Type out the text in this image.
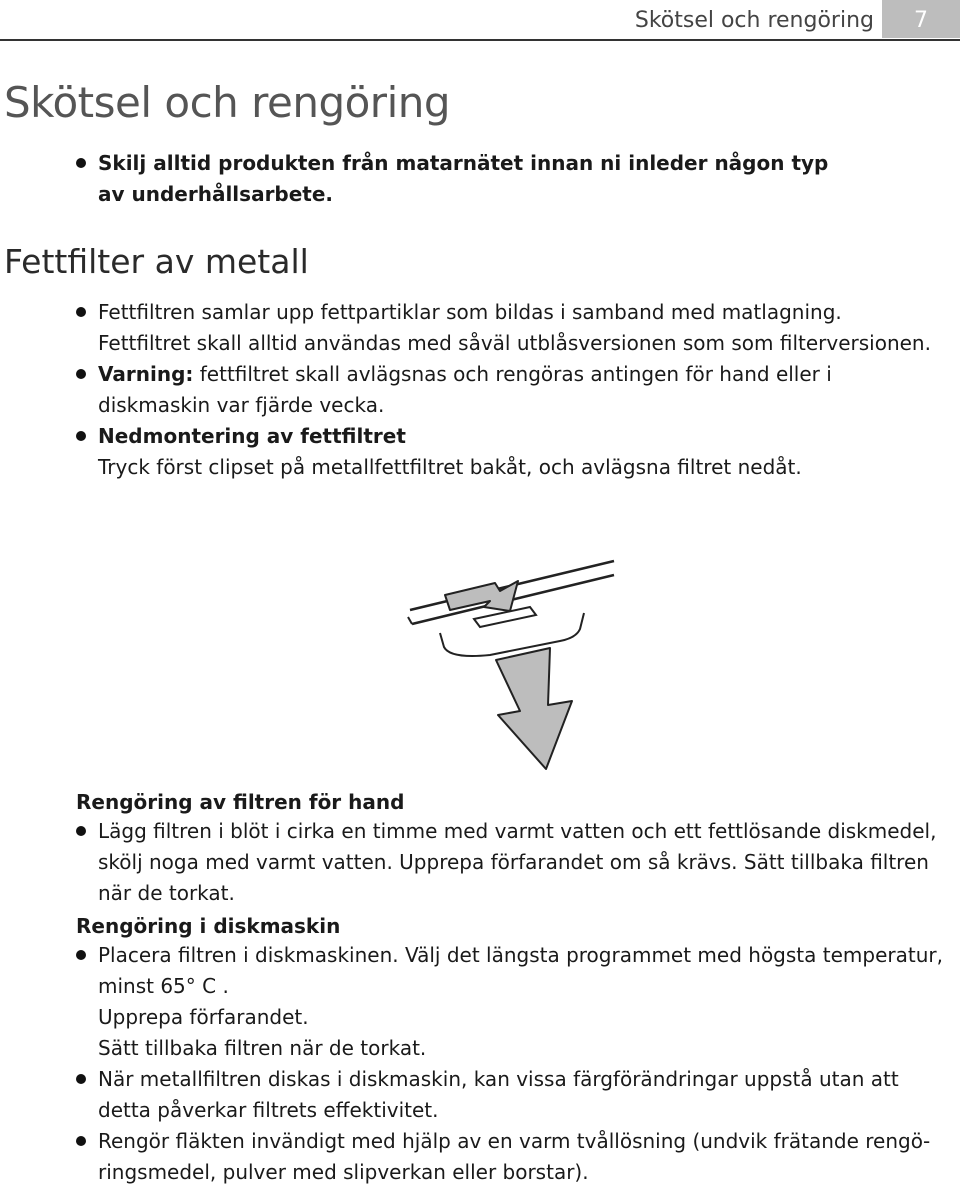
Skötsel och rengöring	7
Skötsel och rengöring
Skilj alltid produkten från matarnätet innan ni inleder någon typ av underhållsarbete.
Fettfilter av metall
Fettfiltren samlar upp fettpartiklar som bildas i samband med matlagning. Fettfiltret skall alltid användas med såväl utblåsversionen som som filterversionen.
Varning: fettfiltret skall avlägsnas och rengöras antingen för hand eller i diskmaskin var fjärde vecka.
Nedmontering av fettfiltret
Tryck först clipset på metallfettfiltret bakåt, och avlägsna filtret nedåt.
Rengöring av filtren för hand
Lägg filtren i blöt i cirka en timme med varmt vatten och ett fettlösande diskmedel, skölj noga med varmt vatten. Upprepa förfarandet om så krävs. Sätt tillbaka filtren när de torkat.
Rengöring i diskmaskin
Placera filtren i diskmaskinen. Välj det längsta programmet med högsta temperatur,
minst 65° C .
Upprepa förfarandet.
Sätt tillbaka filtren när de torkat.
När metallfiltren diskas i diskmaskin, kan vissa färgförändringar uppstå utan att detta påverkar filtrets effektivitet.
Rengör fläkten invändigt med hjälp av en varm tvållösning (undvik frätande rengöringsmedel, pulver med slipverkan eller borstar).
